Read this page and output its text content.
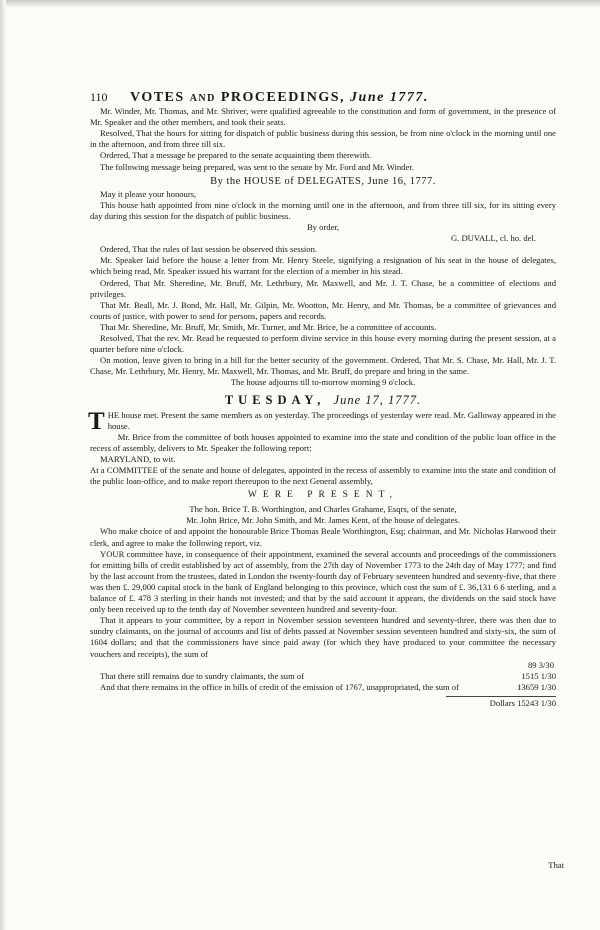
110	VOTES and PROCEEDINGS, June 1777.

Mr. Winder, Mr. Thomas, and Mr. Shriver, were qualified agreeable to the constitution and form of government, in the presence of Mr. Speaker and the other members, and took their seats.

Resolved, That the hours for sitting for dispatch of public business during this session, be from nine o'clock in the morning until one in the afternoon, and from three till six.

Ordered, That a message be prepared to the senate acquainting them therewith.

The following message being prepared, was sent to the senate by Mr. Ford and Mr. Winder.

By the HOUSE of DELEGATES, June 16, 1777.

May it please your honours,

This house hath appointed from nine o'clock in the morning until one in the afternoon, and from three till six, for its sitting every day during this session for the dispatch of public business.

By order,

G. DUVALL, cl. ho. del.

Ordered, That the rules of last session be observed this session.

Mr. Speaker laid before the house a letter from Mr. Henry Steele, signifying a resignation of his seat in the house of delegates, which being read, Mr. Speaker issued his warrant for the election of a member in his stead.

Ordered, That Mr. Sheredine, Mr. Bruff, Mr. Lethrbury, Mr. Maxwell, and Mr. J. T. Chase, be a committee of elections and privileges.

That Mr. Beall, Mr. J. Bond, Mr. Hall, Mr. Gilpin, Mr. Wootton, Mr. Henry, and Mr. Thomas, be a committee of grievances and courts of justice, with power to send for persons, papers and records.

That Mr. Sheredine, Mr. Bruff, Mr. Smith, Mr. Turner, and Mr. Brice, be a committee of accounts.

Resolved, That the rev. Mr. Read be requested to perform divine service in this house every morning during the present session, at a quarter before nine o'clock.

On motion, leave given to bring in a bill for the better security of the government. Ordered, That Mr. S. Chase, Mr. Hall, Mr. J. T. Chase, Mr. Lethrbury, Mr. Henry, Mr. Maxwell, Mr. Thomas, and Mr. Bruff, do prepare and bring in the same.

The house adjourns till to-morrow morning 9 o'clock.

TUESDAY, June 17, 1777.
T HE house met. Present the same members as on yesterday. The proceedings of yesterday were read. Mr. Galloway appeared in the house.

Mr. Brice from the committee of both houses appointed to examine into the state and condition of the public loan office in the recess of assembly, delivers to Mr. Speaker the following report:

MARYLAND, to wit.

At a COMMITTEE of the senate and house of delegates, appointed in the recess of assembly to examine into the state and condition of the public loan-office, and to make report thereupon to the next General assembly,

WERE PRESENT,

The hon. Brice T. B. Worthington, and Charles Grahame, Esqrs, of the senate,

Mr. John Brice, Mr. John Smith, and Mr. James Kent, of the house of delegates.

Who make choice of and appoint the honourable Brice Thomas Beale Worthington, Esq; chairman, and Mr. Nicholas Harwood their clerk, and agree to make the following report, viz.

YOUR committee have, in consequence of their appointment, examined the several accounts and proceedings of the commissioners for emitting bills of credit established by act of assembly, from the 27th day of November 1773 to the 24th day of May 1777; and find by the last account from the trustees, dated in London the twenty-fourth day of February seventeen hundred and seventy-five, that there was then £. 29,000 capital stock in the bank of England belonging to this province, which cost the sum of £. 36,131 6 6 sterling, and a balance of £. 478 3 sterling in their hands not invested; and that by the said account it appears, the dividends on the said stock have only been received up to the tenth day of November seventeen hundred and seventy-four.

That it appears to your committee, by a report in November session seventeen hundred and seventy-three, there was then due to sundry claimants, on the journal of accounts and list of debts passed at November session seventeen hundred and sixty-six, the sum of 1604 dollars; and that the commissioners have since paid away (for which they have produced to your committee the necessary vouchers and receipts), the sum of

89 3/30

That there still remains due to sundry claimants, the sum of	1515 1/30

And that there remains in the office in bills of credit of the emission of 1767, unappropriated, the sum of	13659 1/30
Dollars 15243 1/30
That
